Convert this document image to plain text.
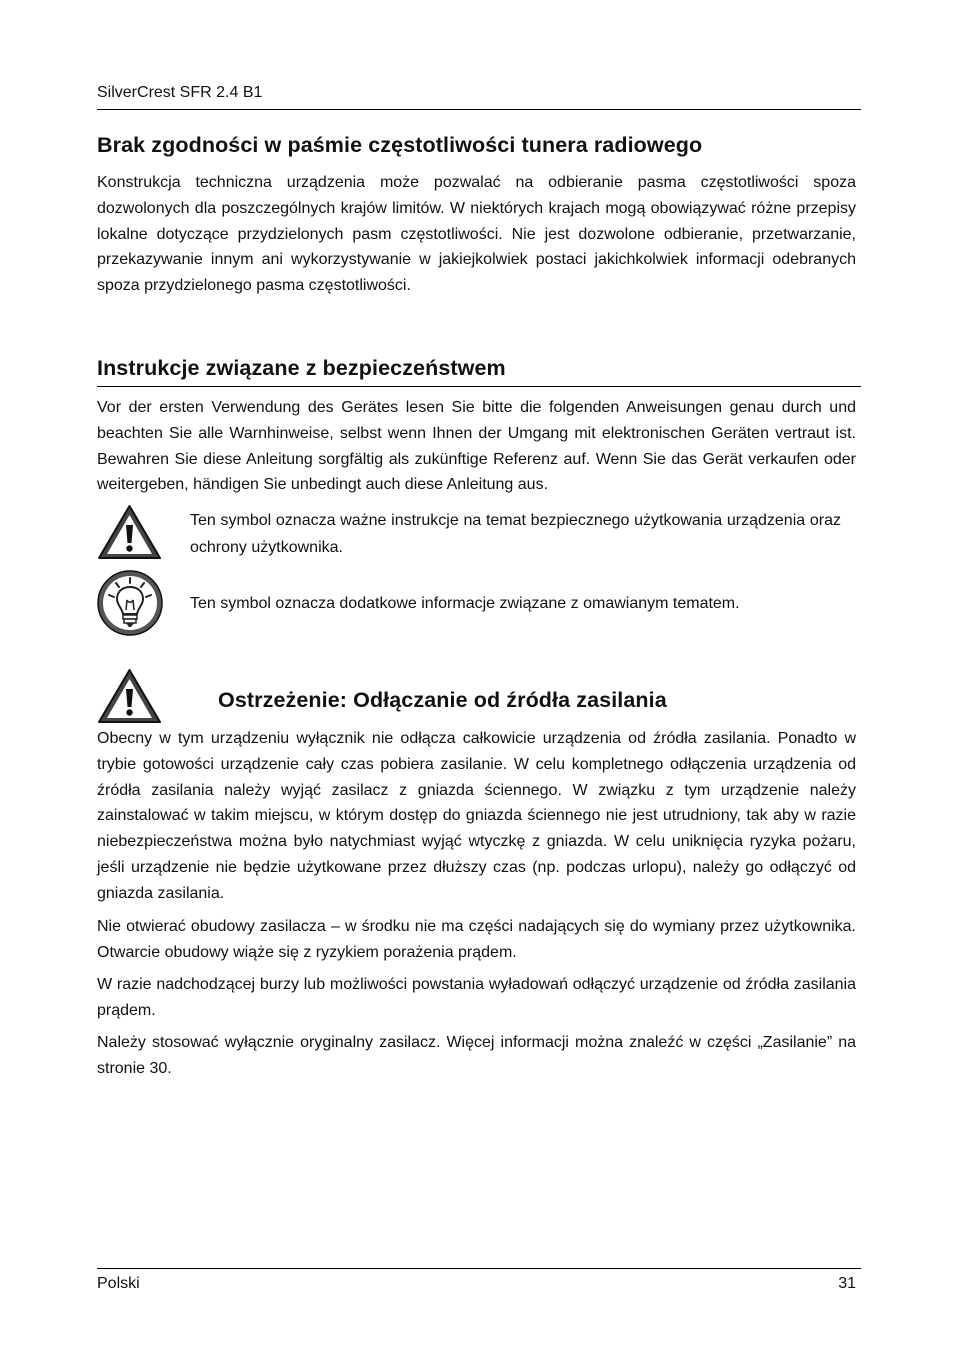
SilverCrest SFR 2.4 B1
Brak zgodności w paśmie częstotliwości tunera radiowego

Konstrukcja techniczna urządzenia może pozwalać na odbieranie pasma częstotliwości spoza dozwolonych dla poszczególnych krajów limitów. W niektórych krajach mogą obowiązywać różne przepisy lokalne dotyczące przydzielonych pasm częstotliwości. Nie jest dozwolone odbieranie, przetwarzanie, przekazywanie innym ani wykorzystywanie w jakiejkolwiek postaci jakichkolwiek informacji odebranych spoza przydzielonego pasma częstotliwości.

Instrukcje związane z bezpieczeństwem

Vor der ersten Verwendung des Gerätes lesen Sie bitte die folgenden Anweisungen genau durch und beachten Sie alle Warnhinweise, selbst wenn Ihnen der Umgang mit elektronischen Geräten vertraut ist. Bewahren Sie diese Anleitung sorgfältig als zukünftige Referenz auf. Wenn Sie das Gerät verkaufen oder weitergeben, händigen Sie unbedingt auch diese Anleitung aus.

Ten symbol oznacza ważne instrukcje na temat bezpiecznego użytkowania urządzenia oraz ochrony użytkownika.

Ten symbol oznacza dodatkowe informacje związane z omawianym tematem.

Ostrzeżenie: Odłączanie od źródła zasilania

Obecny w tym urządzeniu wyłącznik nie odłącza całkowicie urządzenia od źródła zasilania. Ponadto w trybie gotowości urządzenie cały czas pobiera zasilanie. W celu kompletnego odłączenia urządzenia od źródła zasilania należy wyjąć zasilacz z gniazda ściennego. W związku z tym urządzenie należy zainstalować w takim miejscu, w którym dostęp do gniazda ściennego nie jest utrudniony, tak aby w razie niebezpieczeństwa można było natychmiast wyjąć wtyczkę z gniazda. W celu uniknięcia ryzyka pożaru, jeśli urządzenie nie będzie użytkowane przez dłuższy czas (np. podczas urlopu), należy go odłączyć od gniazda zasilania.

Nie otwierać obudowy zasilacza – w środku nie ma części nadających się do wymiany przez użytkownika. Otwarcie obudowy wiąże się z ryzykiem porażenia prądem.

W razie nadchodzącej burzy lub możliwości powstania wyładowań odłączyć urządzenie od źródła zasilania prądem.

Należy stosować wyłącznie oryginalny zasilacz. Więcej informacji można znaleźć w części „Zasilanie” na stronie 30.

Polski	31
